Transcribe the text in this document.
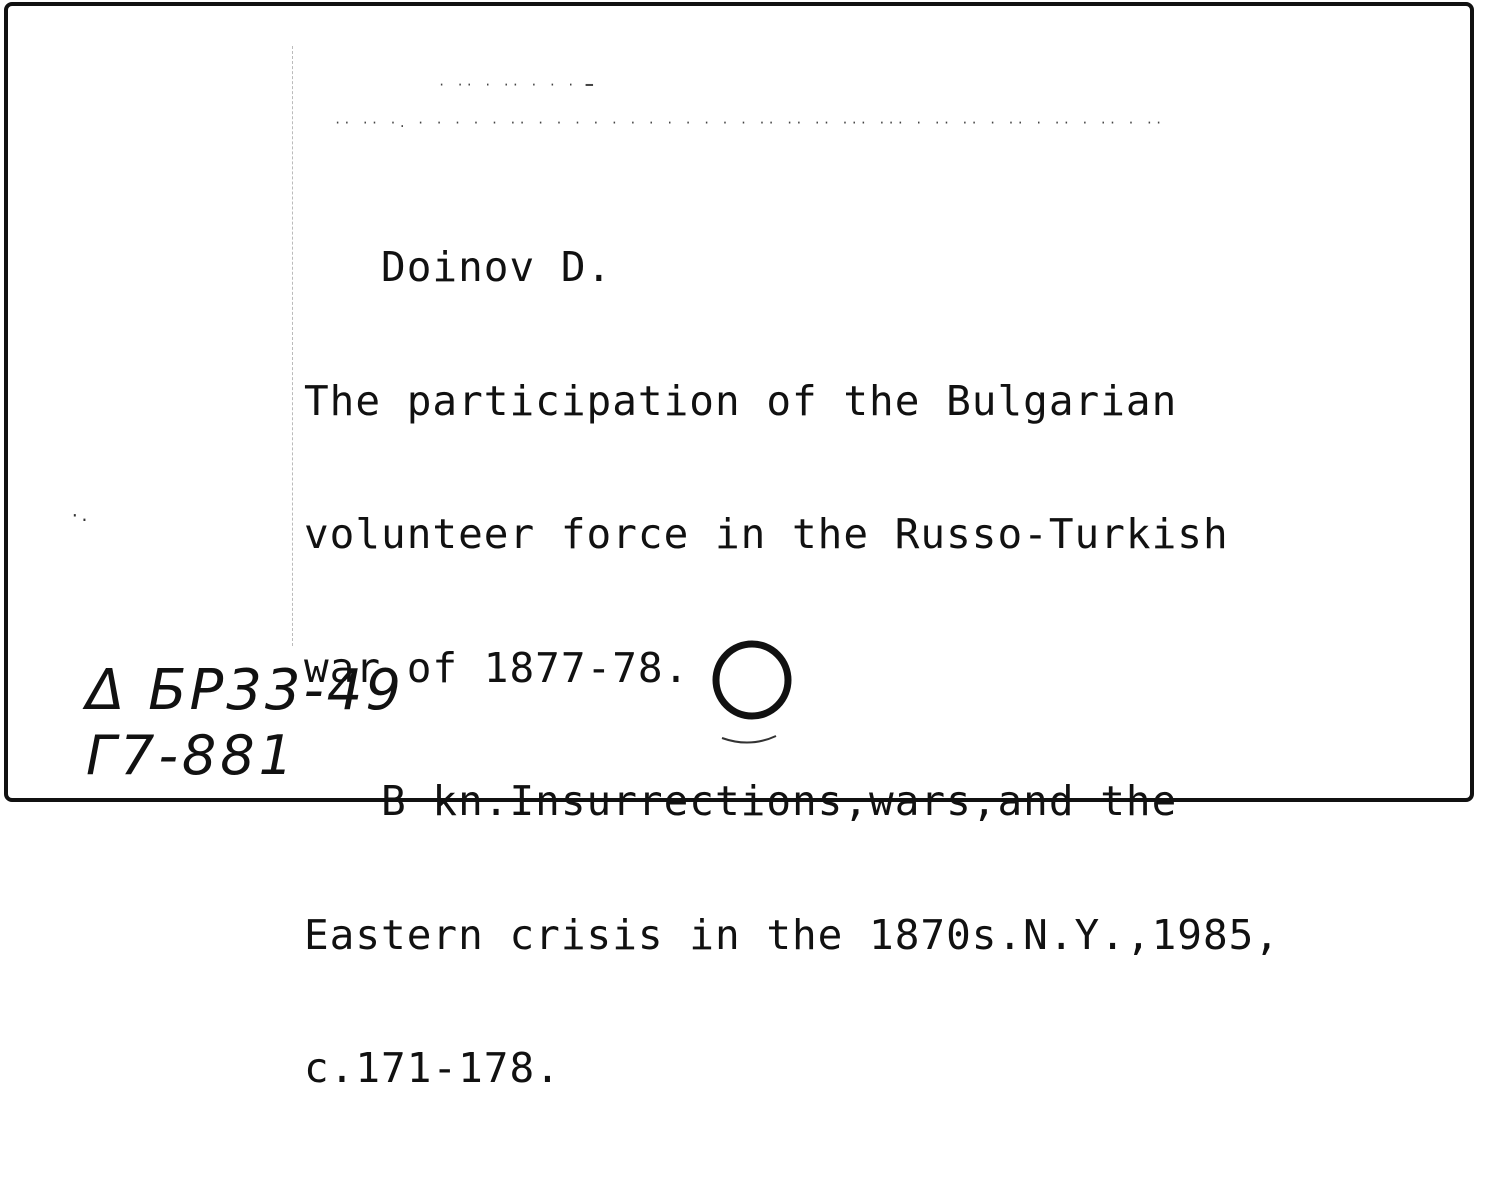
· ·· · ·· · · · ━
·· ·· ·. · · · · · ·· · · · · · · · · · · · · ·· ·· ·· ··· ··· · ·· ·· · ·· · ·· · ·· · ··
·.

Doinov D.

The participation of the Bulgarian

volunteer force in the Russo-Turkish

war of 1877-78.

B kn.Insurrections,wars,and the

Eastern crisis in the 1870s.N.Y.,1985,

c.171-178.

Δ БР33-49
Г7-881
